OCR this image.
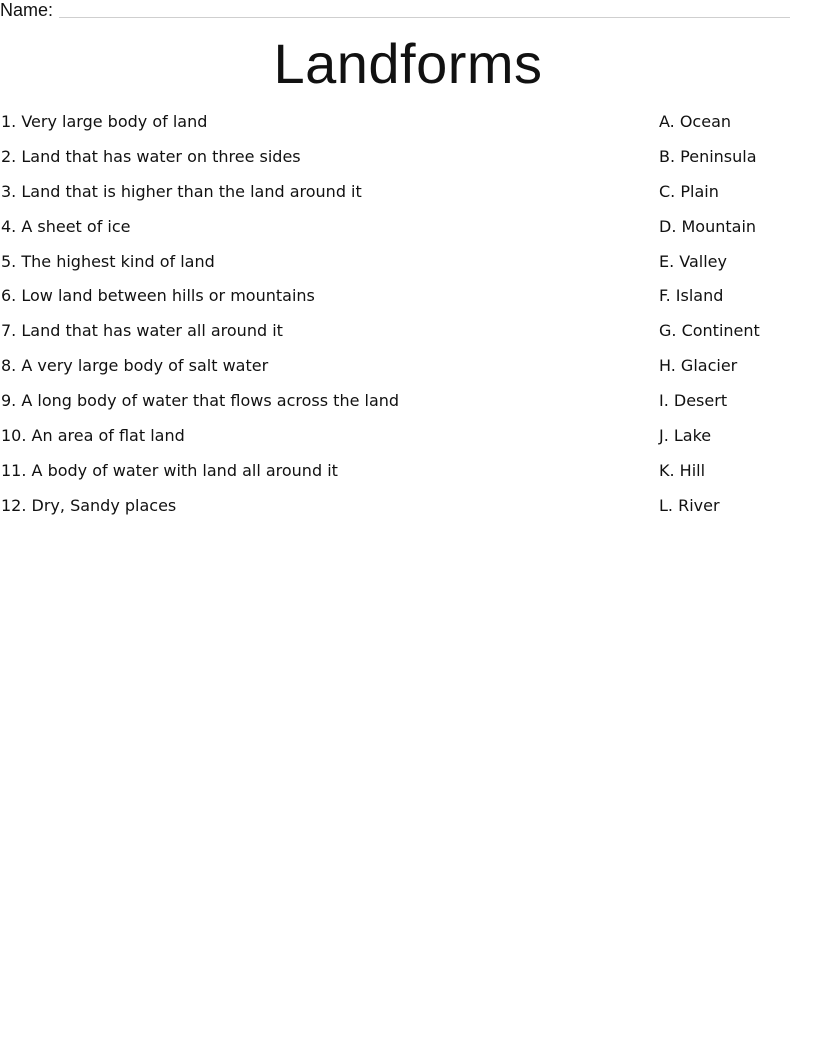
Name:
Landforms
1. Very large body of land	A. Ocean
2. Land that has water on three sides	B. Peninsula
3. Land that is higher than the land around it	C. Plain
4. A sheet of ice	D. Mountain
5. The highest kind of land	E. Valley
6. Low land between hills or mountains	F. Island
7. Land that has water all around it	G. Continent
8. A very large body of salt water	H. Glacier
9. A long body of water that flows across the land	I. Desert
10. An area of flat land	J. Lake
11. A body of water with land all around it	K. Hill
12. Dry, Sandy places	L. River
